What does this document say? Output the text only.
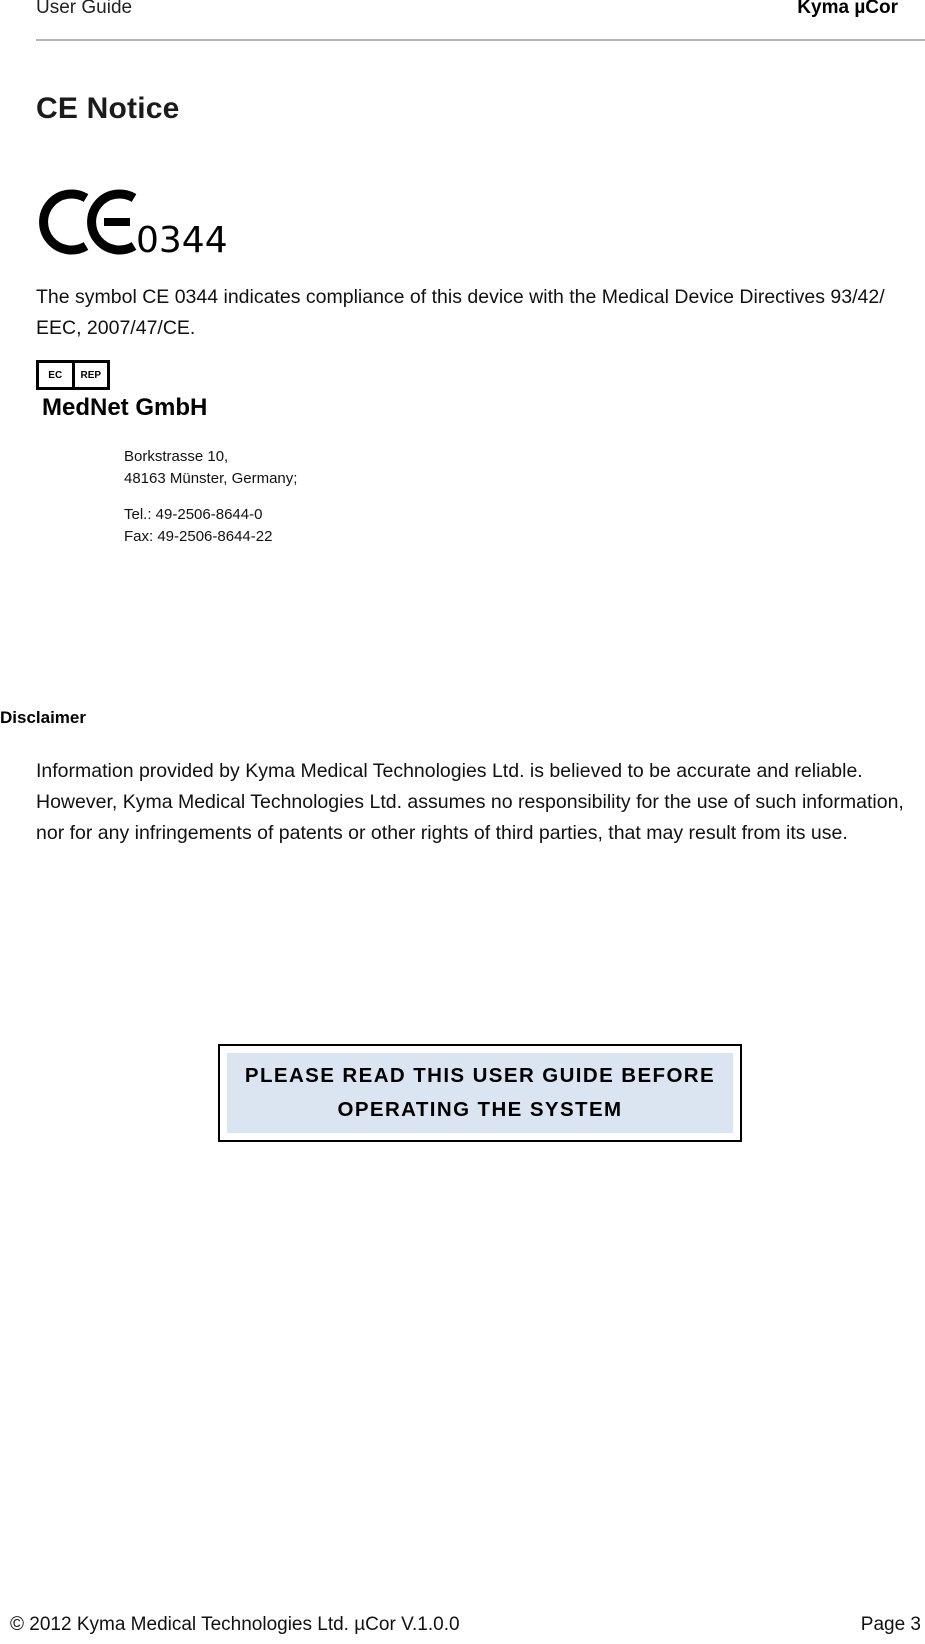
User Guide	Kyma µCor
CE Notice
0344
The symbol CE 0344 indicates compliance of this device with the Medical Device Directives 93/42/ EEC, 2007/47/CE.
EC	REP
MedNet GmbH
Borkstrasse 10,
48163 Münster, Germany;
Tel.: 49-2506-8644-0
Fax: 49-2506-8644-22
Disclaimer
Information provided by Kyma Medical Technologies Ltd. is believed to be accurate and reliable. However, Kyma Medical Technologies Ltd. assumes no responsibility for the use of such information, nor for any infringements of patents or other rights of third parties, that may result from its use.
PLEASE READ THIS USER GUIDE BEFORE
OPERATING THE SYSTEM
© 2012 Kyma Medical Technologies Ltd. µCor V.1.0.0	Page 3
